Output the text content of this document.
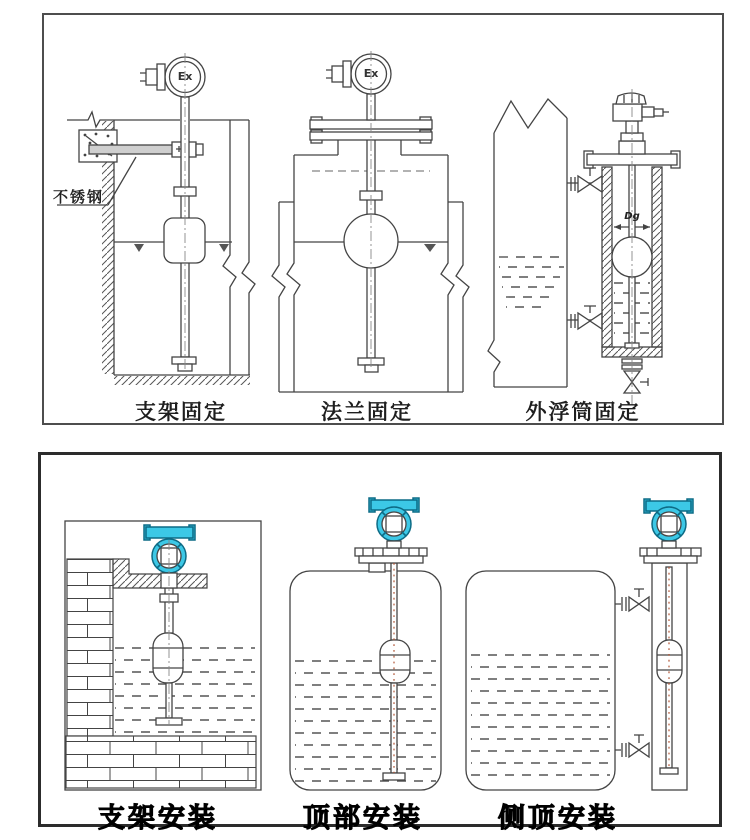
不锈钢
Ex	Ex
Dg
支架固定	法兰固定	外浮筒固定
支架安装	顶部安装	侧顶安装
